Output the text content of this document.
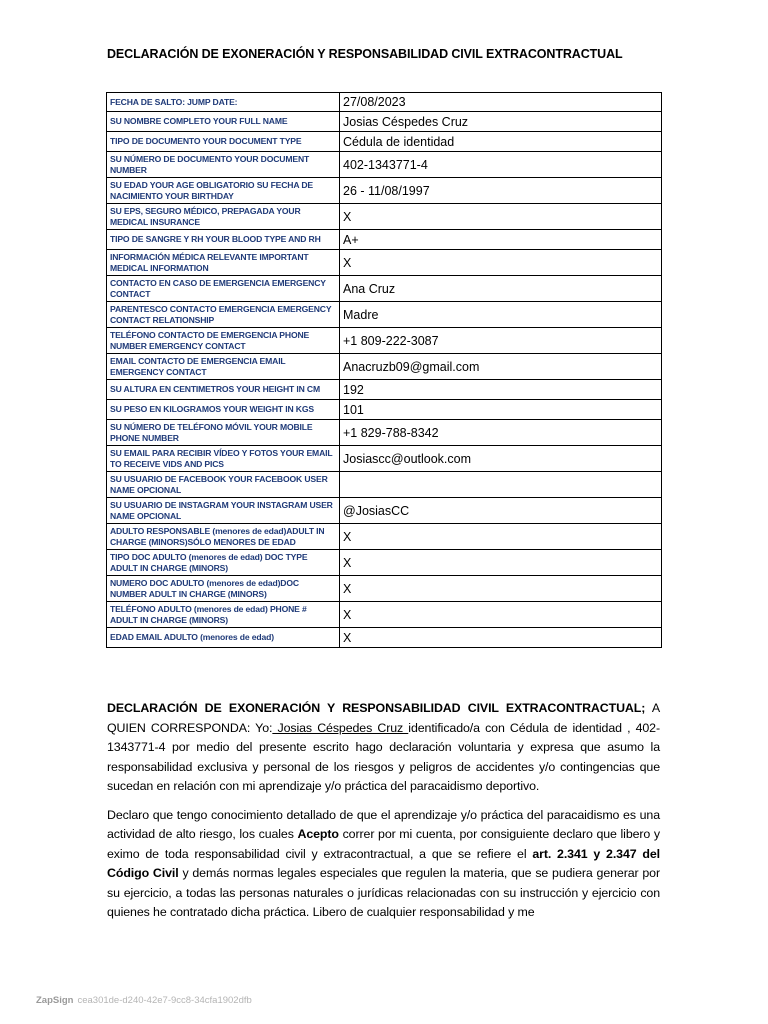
DECLARACIÓN DE EXONERACIÓN Y RESPONSABILIDAD CIVIL EXTRACONTRACTUAL
FECHA DE SALTO: JUMP DATE:	27/08/2023
SU NOMBRE COMPLETO YOUR FULL NAME	Josias Céspedes Cruz
TIPO DE DOCUMENTO YOUR DOCUMENT TYPE	Cédula de identidad
SU NÚMERO DE DOCUMENTO YOUR DOCUMENT NUMBER	402-1343771-4
SU EDAD YOUR AGE OBLIGATORIO SU FECHA DE NACIMIENTO YOUR BIRTHDAY	26 - 11/08/1997
SU EPS, SEGURO MÉDICO, PREPAGADA YOUR MEDICAL INSURANCE	X
TIPO DE SANGRE Y RH YOUR BLOOD TYPE AND RH	A+
INFORMACIÓN MÉDICA RELEVANTE IMPORTANT MEDICAL INFORMATION	X
CONTACTO EN CASO DE EMERGENCIA EMERGENCY CONTACT	Ana Cruz
PARENTESCO CONTACTO EMERGENCIA EMERGENCY CONTACT RELATIONSHIP	Madre
TELÉFONO CONTACTO DE EMERGENCIA PHONE NUMBER EMERGENCY CONTACT	+1 809-222-3087
EMAIL CONTACTO DE EMERGENCIA EMAIL EMERGENCY CONTACT	Anacruzb09@gmail.com
SU ALTURA EN CENTIMETROS YOUR HEIGHT IN CM	192
SU PESO EN KILOGRAMOS YOUR WEIGHT IN KGS	101
SU NÚMERO DE TELÉFONO MÓVIL YOUR MOBILE PHONE NUMBER	+1 829-788-8342
SU EMAIL PARA RECIBIR VÍDEO Y FOTOS YOUR EMAIL TO RECEIVE VIDS AND PICS	Josiascc@outlook.com
SU USUARIO DE FACEBOOK YOUR FACEBOOK USER NAME OPCIONAL	
SU USUARIO DE INSTAGRAM YOUR INSTAGRAM USER NAME OPCIONAL	@JosiasCC
ADULTO RESPONSABLE (menores de edad)ADULT IN CHARGE (MINORS)SÓLO MENORES DE EDAD	X
TIPO DOC ADULTO (menores de edad) DOC TYPE ADULT IN CHARGE (MINORS)	X
NUMERO DOC ADULTO (menores de edad)DOC NUMBER ADULT IN CHARGE (MINORS)	X
TELÉFONO ADULTO (menores de edad) PHONE # ADULT IN CHARGE (MINORS)	X
EDAD EMAIL ADULTO (menores de edad)	X

DECLARACIÓN DE EXONERACIÓN Y RESPONSABILIDAD CIVIL EXTRACONTRACTUAL; A QUIEN CORRESPONDA: Yo: Josias Céspedes Cruz identificado/a con Cédula de identidad , 402-1343771-4 por medio del presente escrito hago declaración voluntaria y expresa que asumo la responsabilidad exclusiva y personal de los riesgos y peligros de accidentes y/o contingencias que sucedan en relación con mi aprendizaje y/o práctica del paracaidismo deportivo.

Declaro que tengo conocimiento detallado de que el aprendizaje y/o práctica del paracaidismo es una actividad de alto riesgo, los cuales Acepto correr por mi cuenta, por consiguiente declaro que libero y eximo de toda responsabilidad civil y extracontractual, a que se refiere el art. 2.341 y 2.347 del Código Civil y demás normas legales especiales que regulen la materia, que se pudiera generar por su ejercicio, a todas las personas naturales o jurídicas relacionadas con su instrucción y ejercicio con quienes he contratado dicha práctica. Libero de cualquier responsabilidad y me

ZapSign cea301de-d240-42e7-9cc8-34cfa1902dfb
